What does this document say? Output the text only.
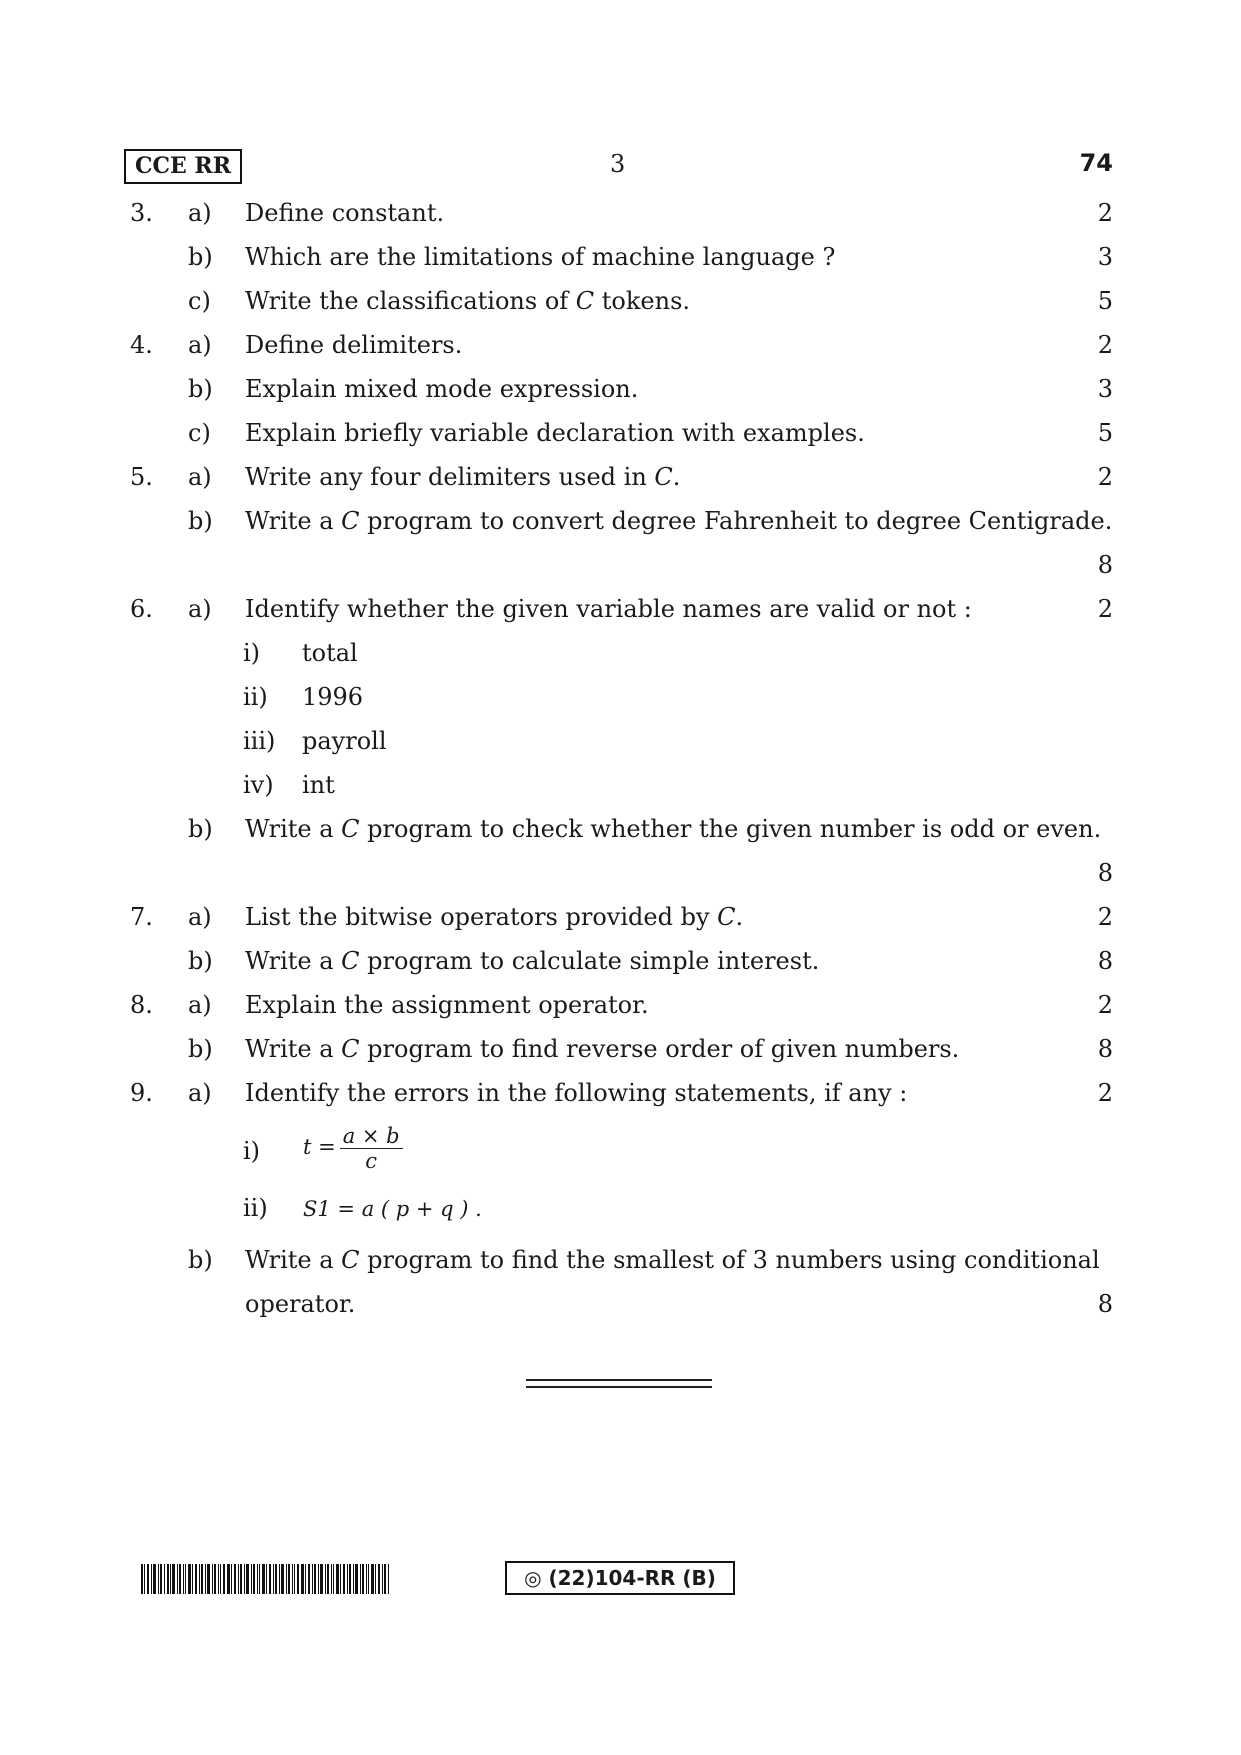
CCE RR	3	74
3. a) Define constant.	2
b) Which are the limitations of machine language ?	3
c) Write the classifications of C tokens.	5
4. a) Define delimiters.	2
b) Explain mixed mode expression.	3
c) Explain briefly variable declaration with examples.	5
5. a) Write any four delimiters used in C.	2
b) Write a C program to convert degree Fahrenheit to degree Centigrade.
8
6. a) Identify whether the given variable names are valid or not :	2
i) total
ii) 1996
iii) payroll
iv) int
b) Write a C program to check whether the given number is odd or even.
8
7. a) List the bitwise operators provided by C.	2
b) Write a C program to calculate simple interest.	8
8. a) Explain the assignment operator.	2
b) Write a C program to find reverse order of given numbers.	8
9. a) Identify the errors in the following statements, if any :	2
i) $t = \frac{a \times b}{c}$
ii) S1 = a ( p + q ) .
b) Write a C program to find the smallest of 3 numbers using conditional
operator.	8
◎ (22)104-RR (B)
